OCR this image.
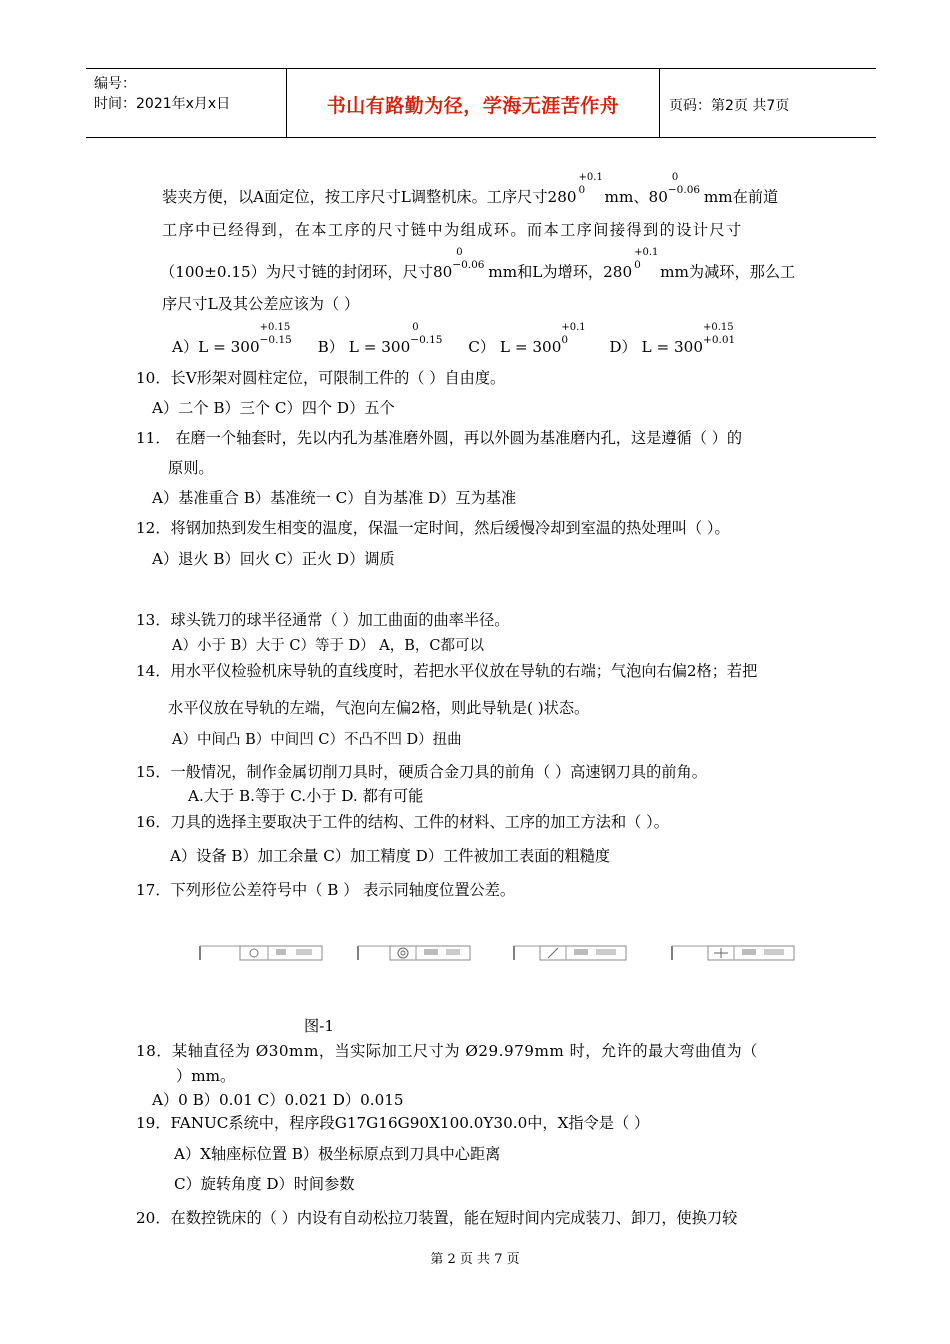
编号：
时间：2021年x月x日	书山有路勤为径，学海无涯苦作舟	页码：第2页 共7页
装夹方便，以A面定位，按工序尺寸L调整机床。工序尺寸280
+0.1
0 mm、80
0
−0.06 mm在前道
工序中已经得到，在本工序的尺寸链中为组成环。而本工序间接得到的设计尺寸
（100±0.15）为尺寸链的封闭环，尺寸80
0
−0.06 mm和L为增环，280
+0.1
0 mm为减环，那么工
序尺寸L及其公差应该为（ ）
A）L = 300
+0.15
−0.15 B） L = 300
0
−0.15 C） L = 300
+0.1
0	D） L = 300
+0.15
+0.01
10．长V形架对圆柱定位，可限制工件的（ ）自由度。
A）二个 B）三个 C）四个 D）五个
11． 在磨一个轴套时，先以内孔为基准磨外圆，再以外圆为基准磨内孔，这是遵循（ ）的
原则。
A）基准重合 B）基准统一 C）自为基准 D）互为基准
12．将钢加热到发生相变的温度，保温一定时间，然后缓慢冷却到室温的热处理叫（ ）。
A）退火 B）回火 C）正火 D）调质
13．球头铣刀的球半径通常（ ）加工曲面的曲率半径。
A）小于 B）大于 C）等于 D） A，B，C都可以
14．用水平仪检验机床导轨的直线度时，若把水平仪放在导轨的右端；气泡向右偏2格；若把
水平仪放在导轨的左端，气泡向左偏2格，则此导轨是( )状态。
A）中间凸 B）中间凹 C）不凸不凹 D）扭曲
15．一般情况，制作金属切削刀具时，硬质合金刀具的前角（ ）高速钢刀具的前角。
A.大于 B.等于 C.小于 D. 都有可能
16．刀具的选择主要取决于工件的结构、工件的材料、工序的加工方法和（ ）。
A）设备 B）加工余量 C）加工精度 D）工件被加工表面的粗糙度
17．下列形位公差符号中（ B ） 表示同轴度位置公差。
图-1
18．某轴直径为 Ø30mm，当实际加工尺寸为 Ø29.979mm 时，允许的最大弯曲值为（
）mm。
A）0 B）0.01 C）0.021 D）0.015
19．FANUC系统中，程序段G17G16G90X100.0Y30.0中，X指令是（ ）
A）X轴座标位置 B）极坐标原点到刀具中心距离
C）旋转角度 D）时间参数
20．在数控铣床的（ ）内设有自动松拉刀装置，能在短时间内完成装刀、卸刀，使换刀较
第 2 页 共 7 页
